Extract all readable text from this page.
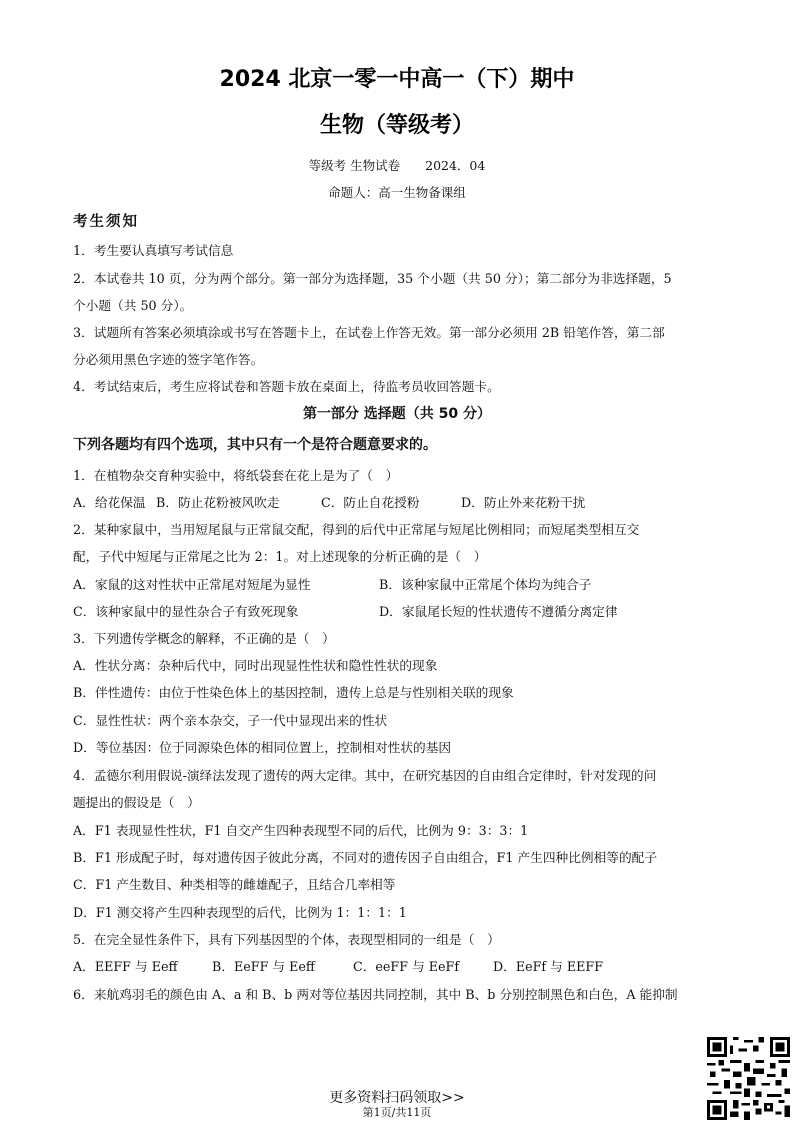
2024 北京一零一中高一（下）期中
生物（等级考）
等级考 生物试卷　　2024．04
命题人：高一生物备课组
考生须知
1．考生要认真填写考试信息
2．本试卷共 10 页，分为两个部分。第一部分为选择题，35 个小题（共 50 分）；第二部分为非选择题，5
个小题（共 50 分）。
3．试题所有答案必须填涂或书写在答题卡上，在试卷上作答无效。第一部分必须用 2B 铅笔作答，第二部
分必须用黑色字迹的签字笔作答。
4．考试结束后，考生应将试卷和答题卡放在桌面上，待监考员收回答题卡。
第一部分 选择题（共 50 分）
下列各题均有四个选项，其中只有一个是符合题意要求的。
1．在植物杂交育种实验中，将纸袋套在花上是为了（　）
A．给花保温 B．防止花粉被风吹走	C．防止自花授粉	D．防止外来花粉干扰
2．某种家鼠中，当用短尾鼠与正常鼠交配，得到的后代中正常尾与短尾比例相同；而短尾类型相互交
配，子代中短尾与正常尾之比为 2：1。对上述现象的分析正确的是（　）
A．家鼠的这对性状中正常尾对短尾为显性	B．该种家鼠中正常尾个体均为纯合子
C．该种家鼠中的显性杂合子有致死现象	D．家鼠尾长短的性状遗传不遵循分离定律
3．下列遗传学概念的解释，不正确的是（　）
A．性状分离：杂种后代中，同时出现显性性状和隐性性状的现象
B．伴性遗传：由位于性染色体上的基因控制，遗传上总是与性别相关联的现象
C．显性性状：两个亲本杂交，子一代中显现出来的性状
D．等位基因：位于同源染色体的相同位置上，控制相对性状的基因
4．孟德尔利用假说-演绎法发现了遗传的两大定律。其中，在研究基因的自由组合定律时，针对发现的问
题提出的假设是（　）
A．F1 表现显性性状，F1 自交产生四种表现型不同的后代，比例为 9：3：3：1
B．F1 形成配子时，每对遗传因子彼此分离，不同对的遗传因子自由组合，F1 产生四种比例相等的配子
C．F1 产生数目、种类相等的雌雄配子，且结合几率相等
D．F1 测交将产生四种表现型的后代，比例为 1：1：1：1
5．在完全显性条件下，具有下列基因型的个体，表现型相同的一组是（　）
A．EEFF 与 Eeff	B．EeFF 与 Eeff	C．eeFF 与 EeFf	D．EeFf 与 EEFF
6．来航鸡羽毛的颜色由 A、a 和 B、b 两对等位基因共同控制，其中 B、b 分别控制黑色和白色，A 能抑制
更多资料扫码领取>>
第1页/共11页
